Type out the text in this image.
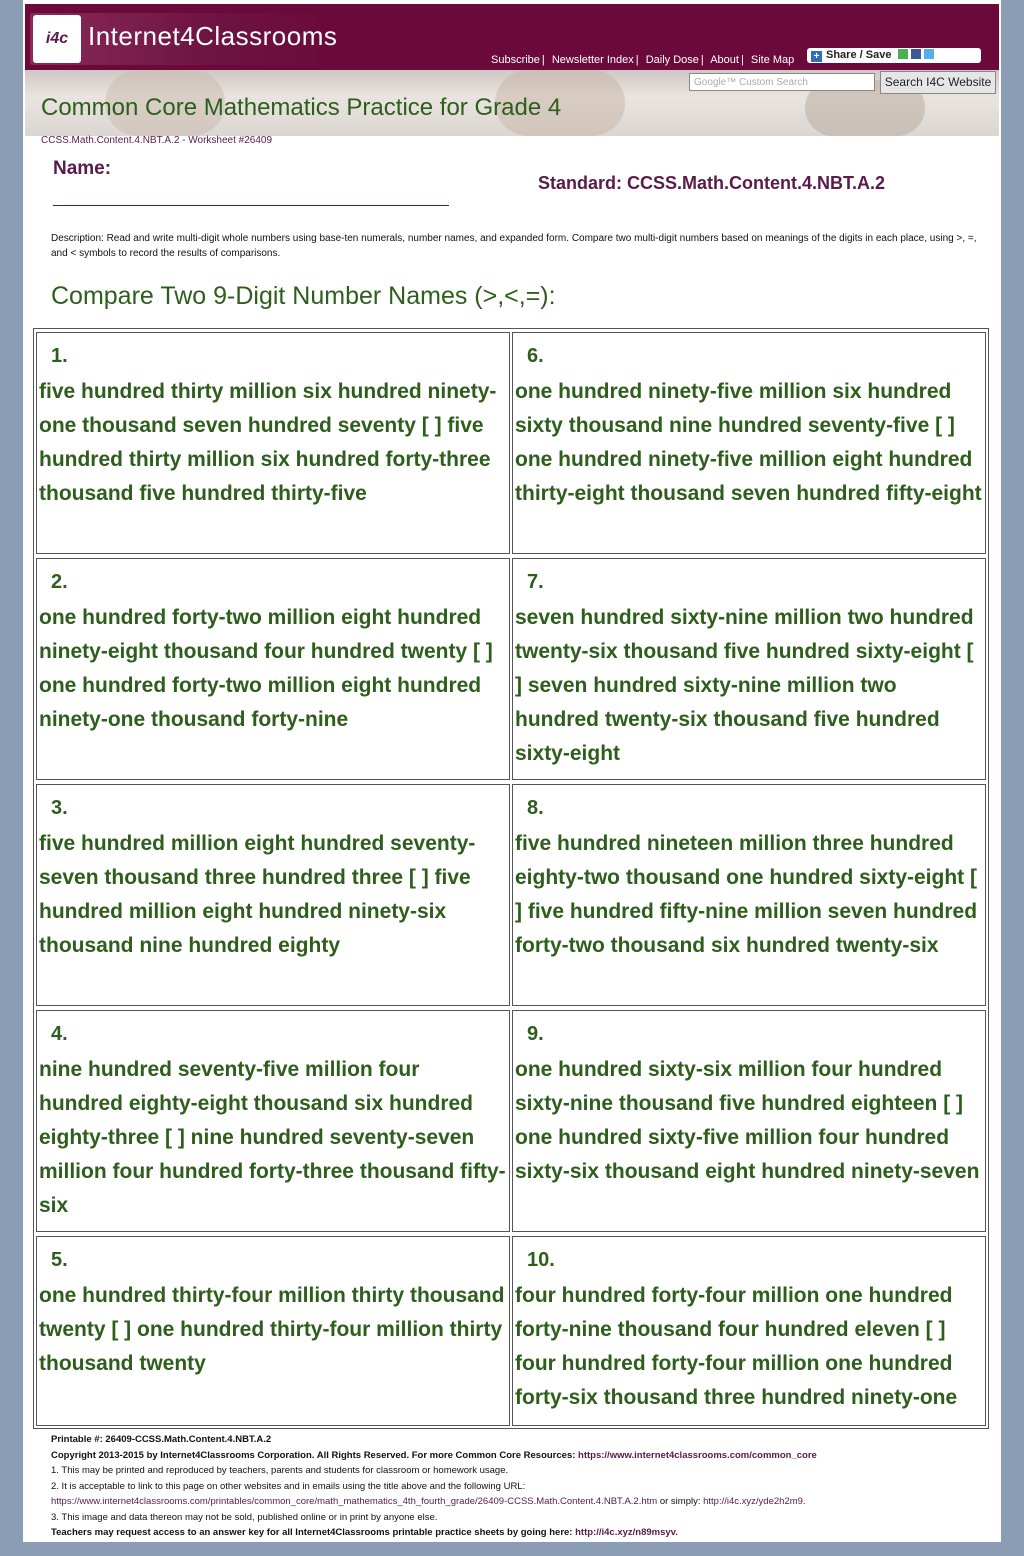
i4c Internet4Classrooms
Subscribe | Newsletter Index | Daily Dose | About | Site Map	+ Share / Save
Google™ Custom Search	Search I4C Website
Common Core Mathematics Practice for Grade 4
CCSS.Math.Content.4.NBT.A.2 - Worksheet #26409
Name:
Standard: CCSS.Math.Content.4.NBT.A.2
Description: Read and write multi-digit whole numbers using base-ten numerals, number names, and expanded form. Compare two multi-digit numbers based on meanings of the digits in each place, using >, =, and < symbols to record the results of comparisons.
Compare Two 9-Digit Number Names (>,<,=):
1.
five hundred thirty million six hundred ninety-one thousand seven hundred seventy [ ] five hundred thirty million six hundred forty-three thousand five hundred thirty-five
6.
one hundred ninety-five million six hundred sixty thousand nine hundred seventy-five [ ] one hundred ninety-five million eight hundred thirty-eight thousand seven hundred fifty-eight
2.
one hundred forty-two million eight hundred ninety-eight thousand four hundred twenty [ ] one hundred forty-two million eight hundred ninety-one thousand forty-nine
7.
seven hundred sixty-nine million two hundred twenty-six thousand five hundred sixty-eight [ ] seven hundred sixty-nine million two hundred twenty-six thousand five hundred sixty-eight
3.
five hundred million eight hundred seventy-seven thousand three hundred three [ ] five hundred million eight hundred ninety-six thousand nine hundred eighty
8.
five hundred nineteen million three hundred eighty-two thousand one hundred sixty-eight [ ] five hundred fifty-nine million seven hundred forty-two thousand six hundred twenty-six
4.
nine hundred seventy-five million four hundred eighty-eight thousand six hundred eighty-three [ ] nine hundred seventy-seven million four hundred forty-three thousand fifty-six
9.
one hundred sixty-six million four hundred sixty-nine thousand five hundred eighteen [ ] one hundred sixty-five million four hundred sixty-six thousand eight hundred ninety-seven
5.
one hundred thirty-four million thirty thousand twenty [ ] one hundred thirty-four million thirty thousand twenty
10.
four hundred forty-four million one hundred forty-nine thousand four hundred eleven [ ] four hundred forty-four million one hundred forty-six thousand three hundred ninety-one
Printable #: 26409-CCSS.Math.Content.4.NBT.A.2
Copyright 2013-2015 by Internet4Classrooms Corporation. All Rights Reserved. For more Common Core Resources: https://www.internet4classrooms.com/common_core
1. This may be printed and reproduced by teachers, parents and students for classroom or homework usage.
2. It is acceptable to link to this page on other websites and in emails using the title above and the following URL:
https://www.internet4classrooms.com/printables/common_core/math_mathematics_4th_fourth_grade/26409-CCSS.Math.Content.4.NBT.A.2.htm or simply: http://i4c.xyz/yde2h2m9.
3. This image and data thereon may not be sold, published online or in print by anyone else.
Teachers may request access to an answer key for all Internet4Classrooms printable practice sheets by going here: http://i4c.xyz/n89msyv.
